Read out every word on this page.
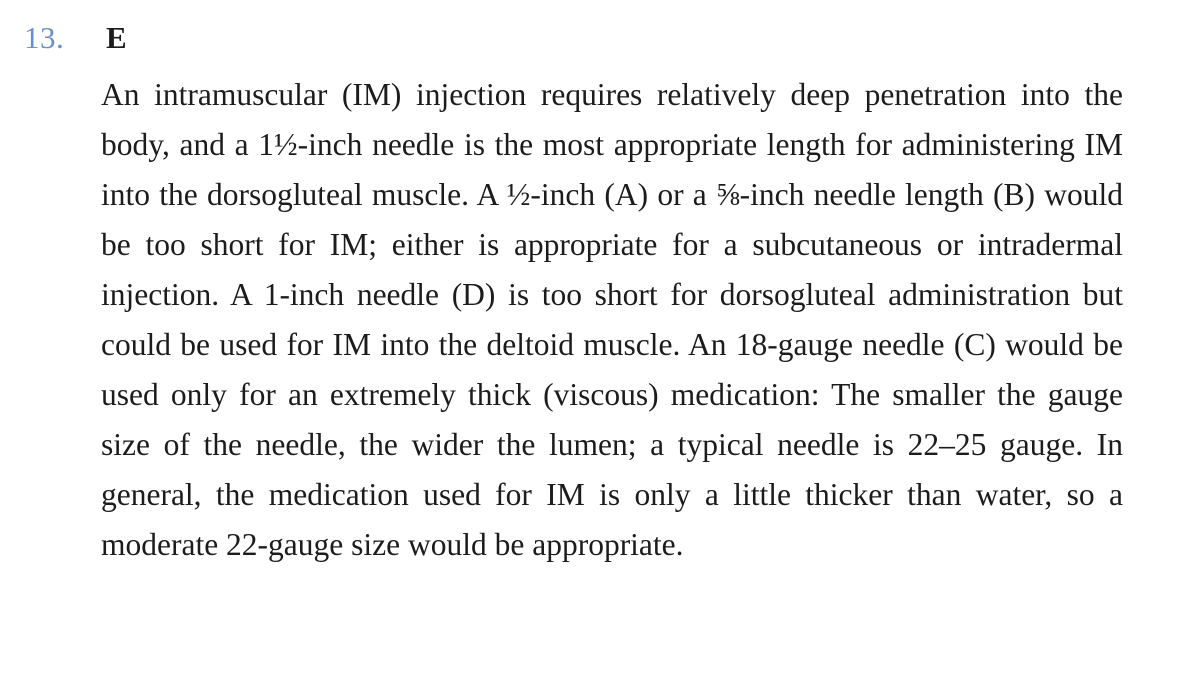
13. E

An intramuscular (IM) injection requires relatively deep penetration into the body, and a 1½-inch needle is the most appropriate length for administering IM into the dorsogluteal muscle. A ½-inch (A) or a ⅝-inch needle length (B) would be too short for IM; either is appropriate for a subcutaneous or intradermal injection. A 1-inch needle (D) is too short for dorsogluteal administration but could be used for IM into the deltoid muscle. An 18-gauge needle (C) would be used only for an extremely thick (viscous) medication: The smaller the gauge size of the needle, the wider the lumen; a typical needle is 22–25 gauge. In general, the medication used for IM is only a little thicker than water, so a moderate 22-gauge size would be appropriate.
